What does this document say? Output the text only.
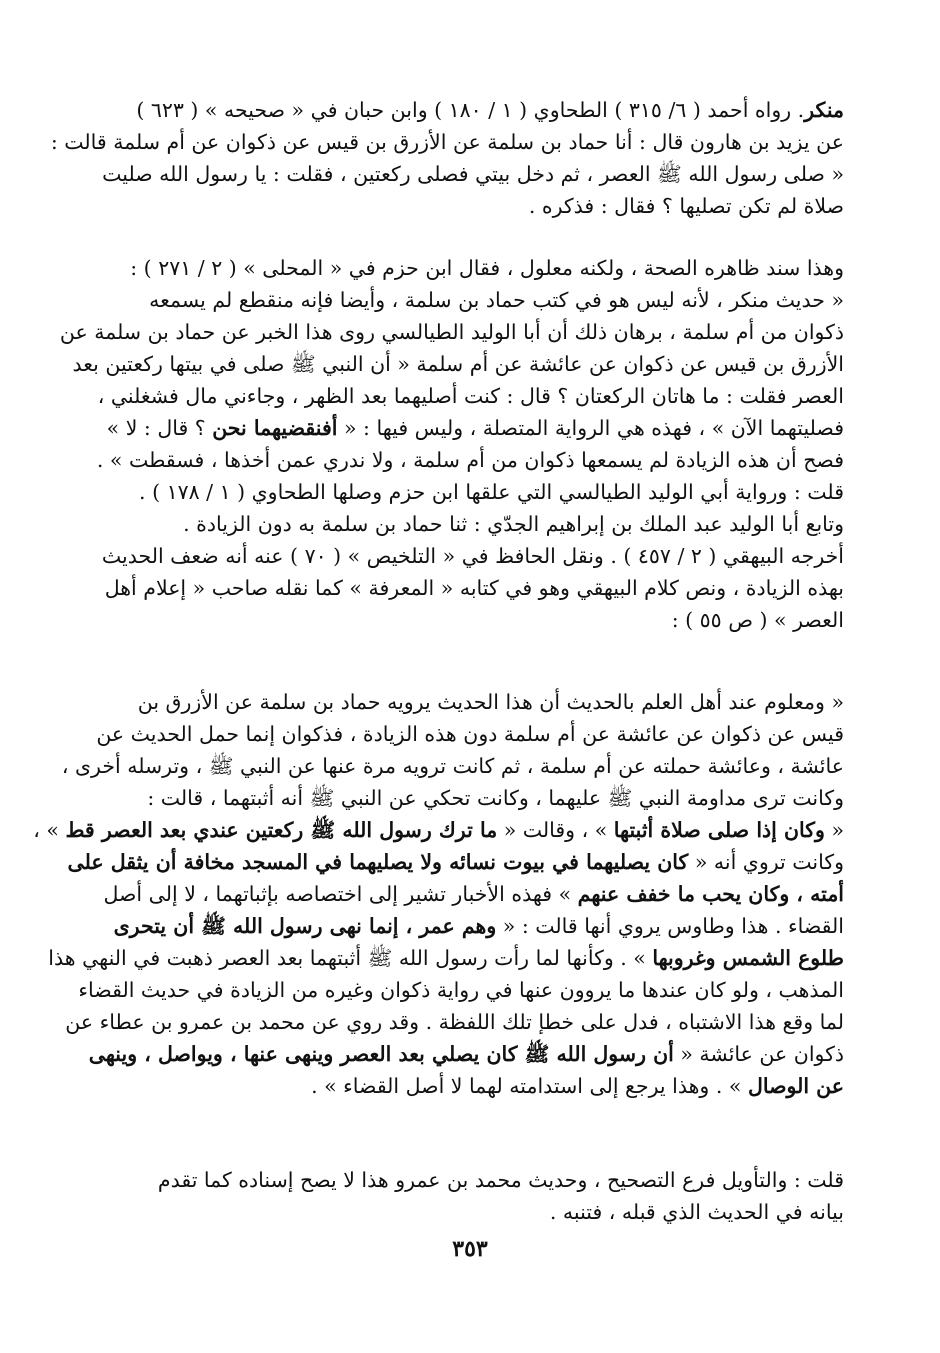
منكر. رواه أحمد ( ٦/ ٣١٥ ) الطحاوي ( ١ / ١٨٠ ) وابن حبان في « صحيحه » ( ٦٢٣ )
عن يزيد بن هارون قال : أنا حماد بن سلمة عن الأزرق بن قيس عن ذكوان عن أم سلمة قالت :
« صلى رسول الله ﷺ العصر ، ثم دخل بيتي فصلى ركعتين ، فقلت : يا رسول الله صليت
صلاة لم تكن تصليها ؟ فقال : فذكره .
وهذا سند ظاهره الصحة ، ولكنه معلول ، فقال ابن حزم في « المحلى » ( ٢ / ٢٧١ ) :
« حديث منكر ، لأنه ليس هو في كتب حماد بن سلمة ، وأيضا فإنه منقطع لم يسمعه
ذكوان من أم سلمة ، برهان ذلك أن أبا الوليد الطيالسي روى هذا الخبر عن حماد بن سلمة عن
الأزرق بن قيس عن ذكوان عن عائشة عن أم سلمة « أن النبي ﷺ صلى في بيتها ركعتين بعد
العصر فقلت : ما هاتان الركعتان ؟ قال : كنت أصليهما بعد الظهر ، وجاءني مال فشغلني ،
فصليتهما الآن » ، فهذه هي الرواية المتصلة ، وليس فيها : « أفنقضيهما نحن ؟ قال : لا »
فصح أن هذه الزيادة لم يسمعها ذكوان من أم سلمة ، ولا ندري عمن أخذها ، فسقطت » .
قلت : ورواية أبي الوليد الطيالسي التي علقها ابن حزم وصلها الطحاوي ( ١ / ١٧٨ ) .
وتابع أبا الوليد عبد الملك بن إبراهيم الجدّي : ثنا حماد بن سلمة به دون الزيادة .
أخرجه البيهقي ( ٢ / ٤٥٧ ) . ونقل الحافظ في « التلخيص » ( ٧٠ ) عنه أنه ضعف الحديث
بهذه الزيادة ، ونص كلام البيهقي وهو في كتابه « المعرفة » كما نقله صاحب « إعلام أهل
العصر » ( ص ٥٥ ) :
« ومعلوم عند أهل العلم بالحديث أن هذا الحديث يرويه حماد بن سلمة عن الأزرق بن
قيس عن ذكوان عن عائشة عن أم سلمة دون هذه الزيادة ، فذكوان إنما حمل الحديث عن
عائشة ، وعائشة حملته عن أم سلمة ، ثم كانت ترويه مرة عنها عن النبي ﷺ ، وترسله أخرى ،
وكانت ترى مداومة النبي ﷺ عليهما ، وكانت تحكي عن النبي ﷺ أنه أثبتهما ، قالت :
« وكان إذا صلى صلاة أثبتها » ، وقالت « ما ترك رسول الله ﷺ ركعتين عندي بعد العصر قط » ،
وكانت تروي أنه « كان يصليهما في بيوت نسائه ولا يصليهما في المسجد مخافة أن يثقل على
أمته ، وكان يحب ما خفف عنهم » فهذه الأخبار تشير إلى اختصاصه بإثباتهما ، لا إلى أصل
القضاء . هذا وطاوس يروي أنها قالت : « وهم عمر ، إنما نهى رسول الله ﷺ أن يتحرى
طلوع الشمس وغروبها » . وكأنها لما رأت رسول الله ﷺ أثبتهما بعد العصر ذهبت في النهي هذا
المذهب ، ولو كان عندها ما يروون عنها في رواية ذكوان وغيره من الزيادة في حديث القضاء
لما وقع هذا الاشتباه ، فدل على خطإ تلك اللفظة . وقد روي عن محمد بن عمرو بن عطاء عن
ذكوان عن عائشة « أن رسول الله ﷺ كان يصلي بعد العصر وينهى عنها ، ويواصل ، وينهى
عن الوصال » . وهذا يرجع إلى استدامته لهما لا أصل القضاء » .
قلت : والتأويل فرع التصحيح ، وحديث محمد بن عمرو هذا لا يصح إسناده كما تقدم
بيانه في الحديث الذي قبله ، فتنبه .
٣٥٣
